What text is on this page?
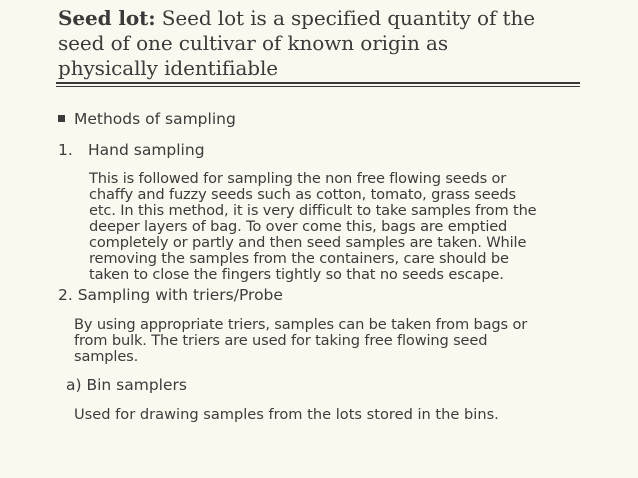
Seed lot: Seed lot is a specified quantity of the
seed of one cultivar of known origin as
physically identifiable
Methods of sampling
1. Hand sampling
This is followed for sampling the non free flowing seeds or
chaffy and fuzzy seeds such as cotton, tomato, grass seeds
etc. In this method, it is very difficult to take samples from the
deeper layers of bag. To over come this, bags are emptied
completely or partly and then seed samples are taken. While
removing the samples from the containers, care should be
taken to close the fingers tightly so that no seeds escape.
2. Sampling with triers/Probe
By using appropriate triers, samples can be taken from bags or
from bulk. The triers are used for taking free flowing seed
samples.
a) Bin samplers
Used for drawing samples from the lots stored in the bins.
